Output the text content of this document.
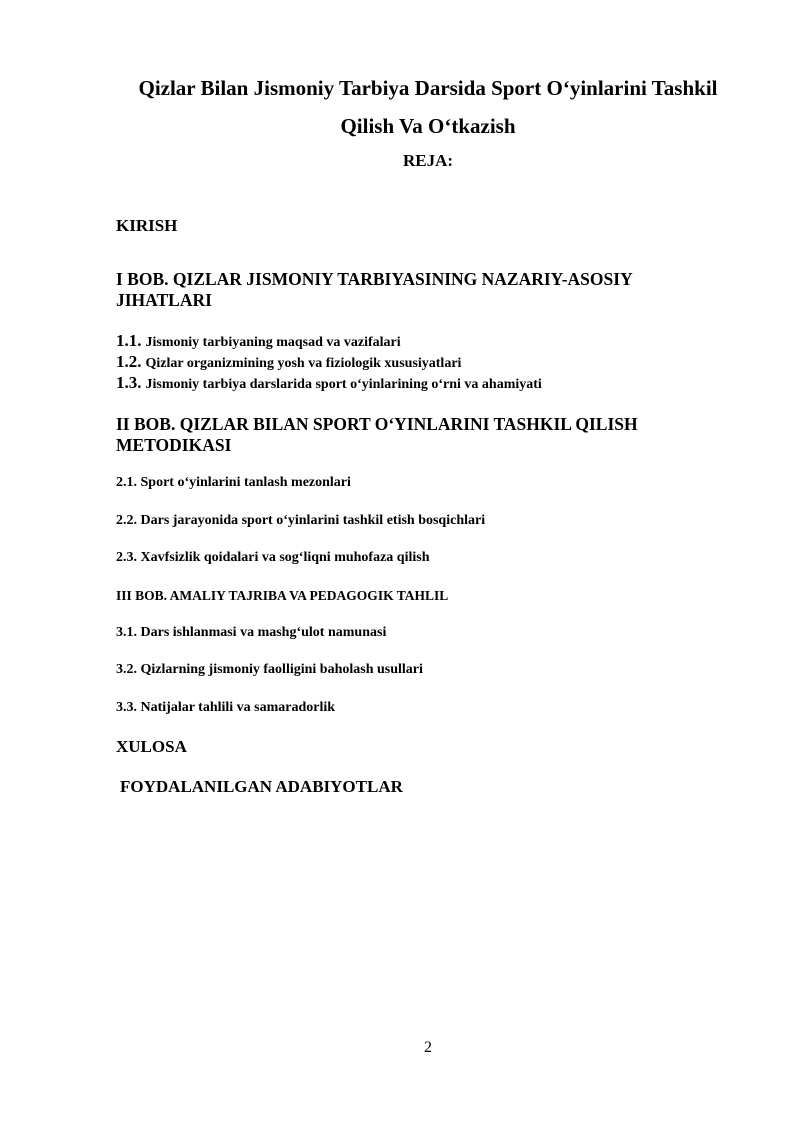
Qizlar Bilan Jismoniy Tarbiya Darsida Sport O‘yinlarini Tashkil
Qilish Va O‘tkazish
REJA:
KIRISH
I BOB. QIZLAR JISMONIY TARBIYASINING NAZARIY-ASOSIY JIHATLARI
1.1. Jismoniy tarbiyaning maqsad va vazifalari
1.2. Qizlar organizmining yosh va fiziologik xususiyatlari
1.3. Jismoniy tarbiya darslarida sport o‘yinlarining o‘rni va ahamiyati
II BOB. QIZLAR BILAN SPORT O‘YINLARINI TASHKIL QILISH METODIKASI
2.1. Sport o‘yinlarini tanlash mezonlari
2.2. Dars jarayonida sport o‘yinlarini tashkil etish bosqichlari
2.3. Xavfsizlik qoidalari va sog‘liqni muhofaza qilish
III BOB. AMALIY TAJRIBA VA PEDAGOGIK TAHLIL
3.1. Dars ishlanmasi va mashg‘ulot namunasi
3.2. Qizlarning jismoniy faolligini baholash usullari
3.3. Natijalar tahlili va samaradorlik
XULOSA
FOYDALANILGAN ADABIYOTLAR
2
